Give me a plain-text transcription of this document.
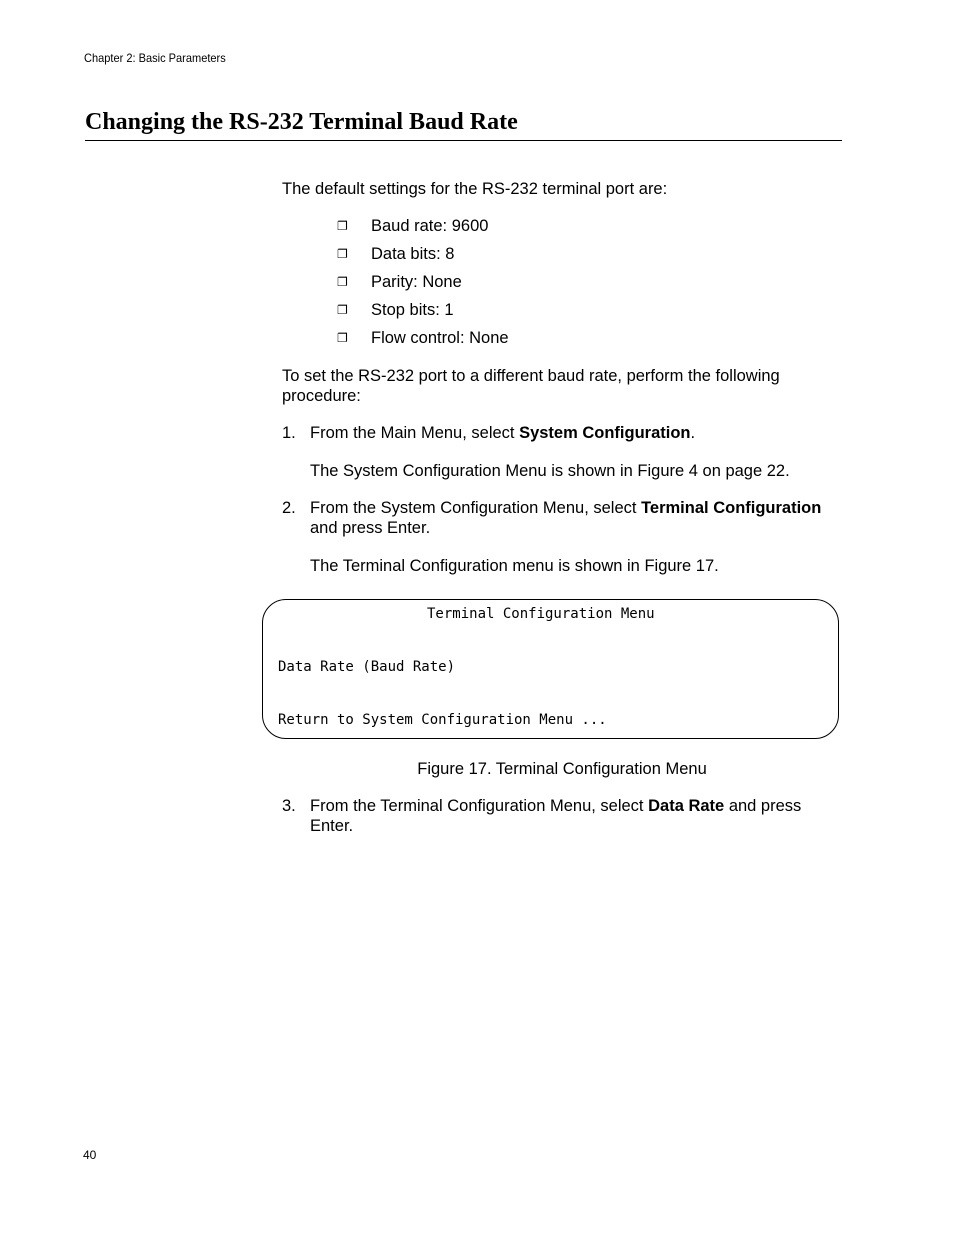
Chapter 2: Basic Parameters
Changing the RS-232 Terminal Baud Rate

The default settings for the RS-232 terminal port are:

❐ Baud rate: 9600
❐ Data bits: 8
❐ Parity: None
❐ Stop bits: 1
❐ Flow control: None

To set the RS-232 port to a different baud rate, perform the following procedure:

1. From the Main Menu, select System Configuration.

The System Configuration Menu is shown in Figure 4 on page 22.

2. From the System Configuration Menu, select Terminal Configuration and press Enter.

The Terminal Configuration menu is shown in Figure 17.

Terminal Configuration Menu
Data Rate (Baud Rate)
Return to System Configuration Menu ...
Figure 17. Terminal Configuration Menu
3. From the Terminal Configuration Menu, select Data Rate and press Enter.
40
